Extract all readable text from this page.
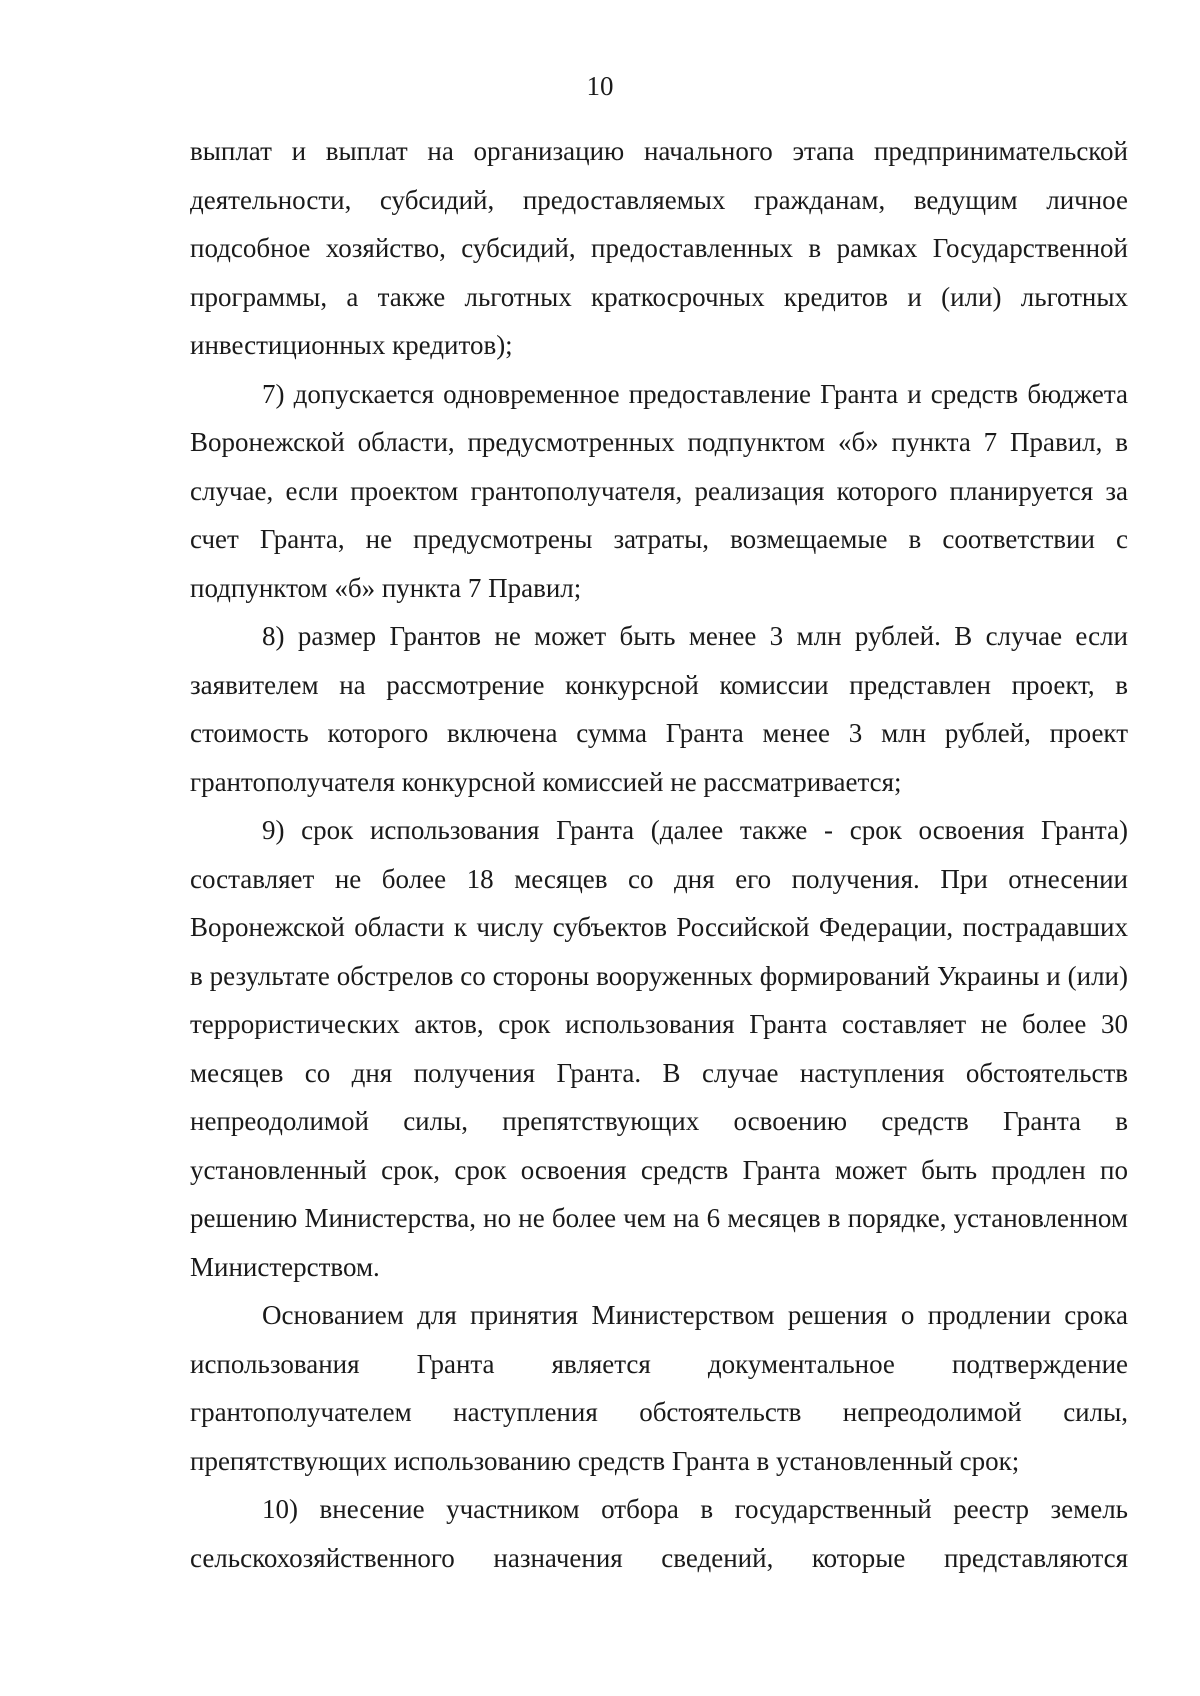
10

выплат и выплат на организацию начального этапа предпринимательской деятельности, субсидий, предоставляемых гражданам, ведущим личное подсобное хозяйство, субсидий, предоставленных в рамках Государственной программы, а также льготных краткосрочных кредитов и (или) льготных инвестиционных кредитов);

7) допускается одновременное предоставление Гранта и средств бюджета Воронежской области, предусмотренных подпунктом «б» пункта 7 Правил, в случае, если проектом грантополучателя, реализация которого планируется за счет Гранта, не предусмотрены затраты, возмещаемые в соответствии с подпунктом «б» пункта 7 Правил;

8) размер Грантов не может быть менее 3 млн рублей. В случае если заявителем на рассмотрение конкурсной комиссии представлен проект, в стоимость которого включена сумма Гранта менее 3 млн рублей, проект грантополучателя конкурсной комиссией не рассматривается;

9) срок использования Гранта (далее также - срок освоения Гранта) составляет не более 18 месяцев со дня его получения. При отнесении Воронежской области к числу субъектов Российской Федерации, пострадавших в результате обстрелов со стороны вооруженных формирований Украины и (или) террористических актов, срок использования Гранта составляет не более 30 месяцев со дня получения Гранта. В случае наступления обстоятельств непреодолимой силы, препятствующих освоению средств Гранта в установленный срок, срок освоения средств Гранта может быть продлен по решению Министерства, но не более чем на 6 месяцев в порядке, установленном Министерством.

Основанием для принятия Министерством решения о продлении срока использования Гранта является документальное подтверждение грантополучателем наступления обстоятельств непреодолимой силы, препятствующих использованию средств Гранта в установленный срок;

10) внесение участником отбора в государственный реестр земель сельскохозяйственного назначения сведений, которые представляются
